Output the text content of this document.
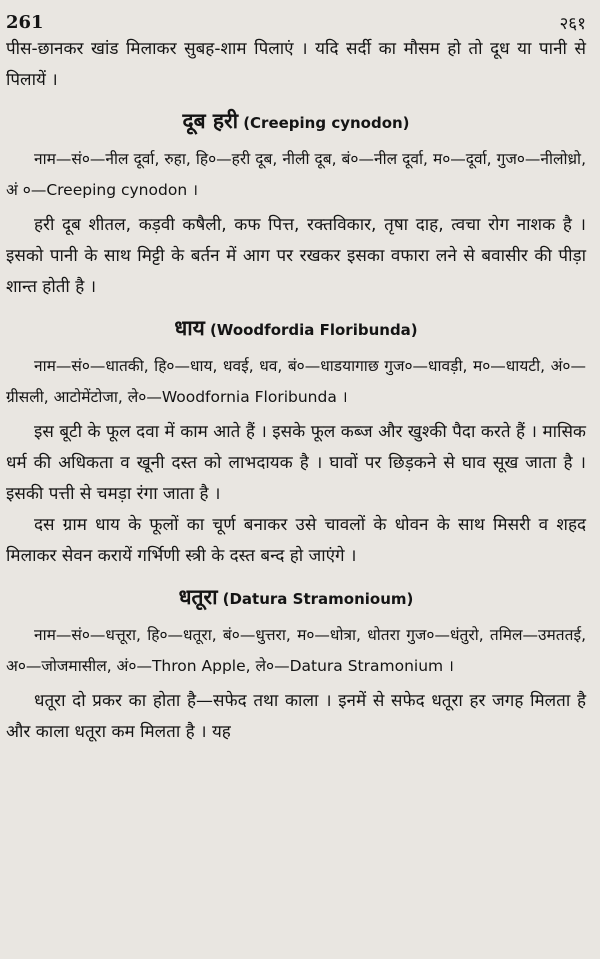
261	२६१

पीस-छानकर खांड मिलाकर सुबह-शाम पिलाएं । यदि सर्दी का मौसम हो तो दूध या पानी से पिलायें ।

दूब हरी (Creeping cynodon)

नाम—सं०—नील दूर्वा, रुहा, हि०—हरी दूब, नीली दूब, बं०—नील दूर्वा, म०—दूर्वा, गुज०—नीलोध्रो, अं ०—Creeping cynodon ।

हरी दूब शीतल, कड़वी कषैली, कफ पित्त, रक्तविकार, तृषा दाह, त्वचा रोग नाशक है । इसको पानी के साथ मिट्टी के बर्तन में आग पर रखकर इसका वफारा लने से बवासीर की पीड़ा शान्त होती है ।

धाय (Woodfordia Floribunda)

नाम—सं०—धातकी, हि०—धाय, धवई, धव, बं०—धाडयागाछ गुज०—धावड़ी, म०—धायटी, अं०—ग्रीसली, आटोमेंटोजा, ले०—Woodfornia Floribunda ।

इस बूटी के फूल दवा में काम आते हैं । इसके फूल कब्ज और खुश्की पैदा करते हैं । मासिक धर्म की अधिकता व खूनी दस्त को लाभदायक है । घावों पर छिड़कने से घाव सूख जाता है । इसकी पत्ती से चमड़ा रंगा जाता है ।

दस ग्राम धाय के फूलों का चूर्ण बनाकर उसे चावलों के धोवन के साथ मिसरी व शहद मिलाकर सेवन करायें गर्भिणी स्त्री के दस्त बन्द हो जाएंगे ।

धतूरा (Datura Stramonioum)

नाम—सं०—धत्तूरा, हि०—धतूरा, बं०—धुत्तरा, म०—धोत्रा, धोतरा गुज०—धंतुरो, तमिल—उमततई, अ०—जोजमासील, अं०—Thron Apple, ले०—Datura Stramonium ।

धतूरा दो प्रकर का होता है—सफेद तथा काला । इनमें से सफेद धतूरा हर जगह मिलता है और काला धतूरा कम मिलता है । यह
